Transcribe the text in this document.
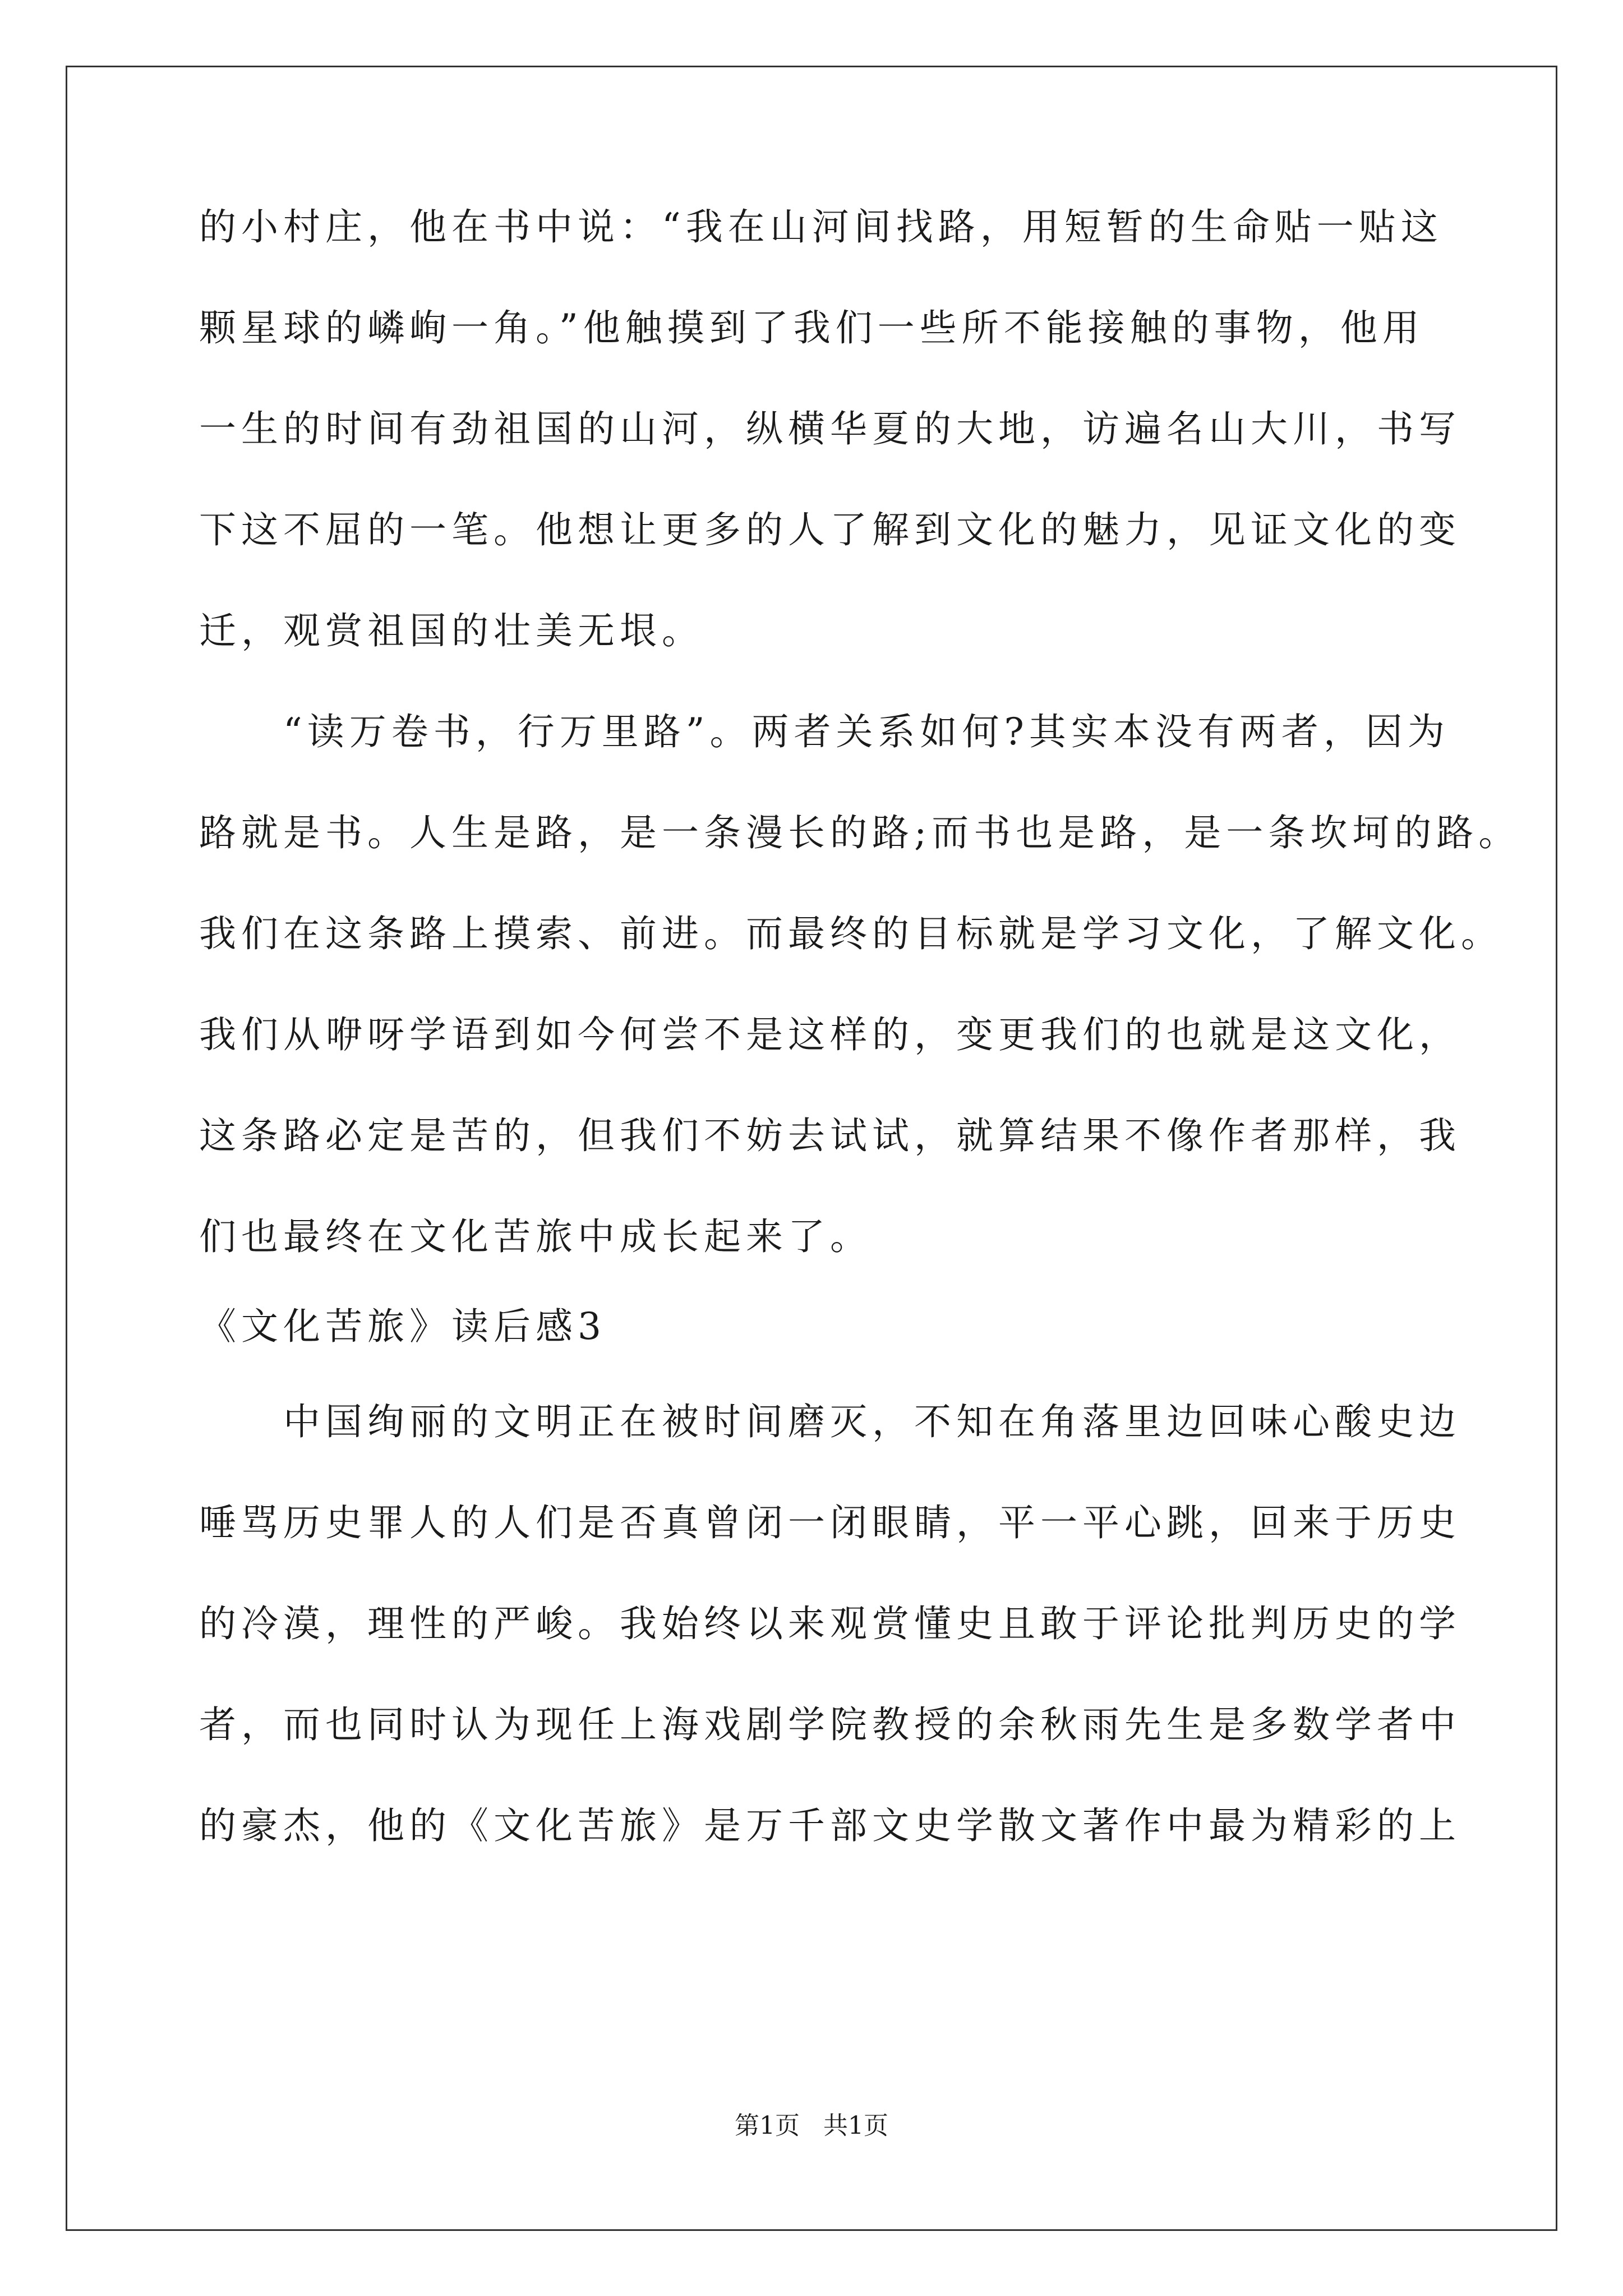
的小村庄，他在书中说：“我在山河间找路，用短暂的生命贴一贴这
颗星球的嶙峋一角。”他触摸到了我们一些所不能接触的事物，他用
一生的时间有劲祖国的山河，纵横华夏的大地，访遍名山大川，书写
下这不屈的一笔。他想让更多的人了解到文化的魅力，见证文化的变
迁，观赏祖国的壮美无垠。
“读万卷书，行万里路”。两者关系如何?其实本没有两者，因为
路就是书。人生是路，是一条漫长的路;而书也是路，是一条坎坷的路。
我们在这条路上摸索、前进。而最终的目标就是学习文化，了解文化。
我们从咿呀学语到如今何尝不是这样的，变更我们的也就是这文化，
这条路必定是苦的，但我们不妨去试试，就算结果不像作者那样，我
们也最终在文化苦旅中成长起来了。
《文化苦旅》读后感3
中国绚丽的文明正在被时间磨灭，不知在角落里边回味心酸史边
唾骂历史罪人的人们是否真曾闭一闭眼睛，平一平心跳，回来于历史
的冷漠，理性的严峻。我始终以来观赏懂史且敢于评论批判历史的学
者，而也同时认为现任上海戏剧学院教授的余秋雨先生是多数学者中
的豪杰，他的《文化苦旅》是万千部文史学散文著作中最为精彩的上
第1页   共1页
